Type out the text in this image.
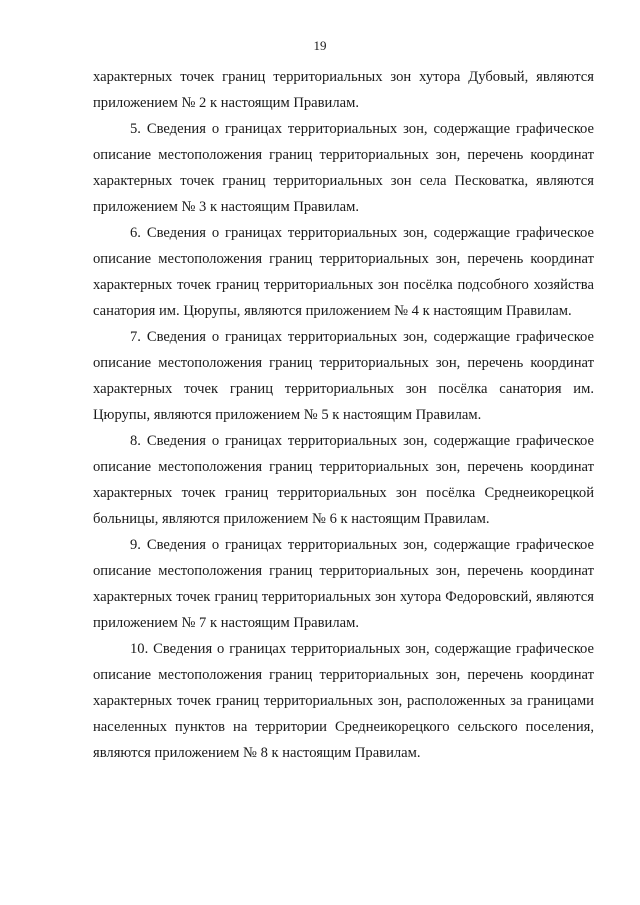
19

характерных точек границ территориальных зон хутора Дубовый, являются приложением № 2 к настоящим Правилам.

5. Сведения о границах территориальных зон, содержащие графическое описание местоположения границ территориальных зон, перечень координат характерных точек границ территориальных зон села Песковатка, являются приложением № 3 к настоящим Правилам.

6. Сведения о границах территориальных зон, содержащие графическое описание местоположения границ территориальных зон, перечень координат характерных точек границ территориальных зон посёлка подсобного хозяйства санатория им. Цюрупы, являются приложением № 4 к настоящим Правилам.

7. Сведения о границах территориальных зон, содержащие графическое описание местоположения границ территориальных зон, перечень координат характерных точек границ территориальных зон посёлка санатория им. Цюрупы, являются приложением № 5 к настоящим Правилам.

8. Сведения о границах территориальных зон, содержащие графическое описание местоположения границ территориальных зон, перечень координат характерных точек границ территориальных зон посёлка Среднеикорецкой больницы, являются приложением № 6 к настоящим Правилам.

9. Сведения о границах территориальных зон, содержащие графическое описание местоположения границ территориальных зон, перечень координат характерных точек границ территориальных зон хутора Федоровский, являются приложением № 7 к настоящим Правилам.

10. Сведения о границах территориальных зон, содержащие графическое описание местоположения границ территориальных зон, перечень координат характерных точек границ территориальных зон, расположенных за границами населенных пунктов на территории Среднеикорецкого сельского поселения, являются приложением № 8 к настоящим Правилам.
